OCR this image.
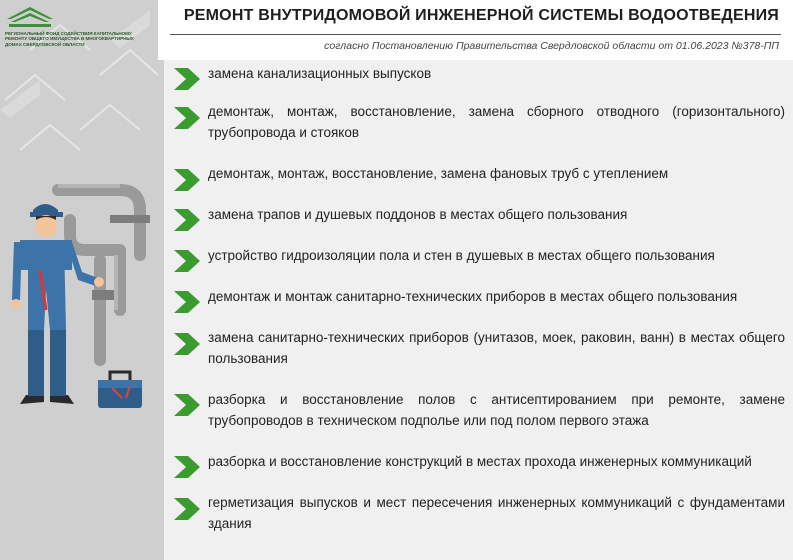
РЕГИОНАЛЬНЫЙ ФОНД СОДЕЙСТВИЯ КАПИТАЛЬНОМУ РЕМОНТУ ОБЩЕГО ИМУЩЕСТВА В МНОГОКВАРТИРНЫХ ДОМАХ СВЕРДЛОВСКОЙ ОБЛАСТИ
РЕМОНТ ВНУТРИДОМОВОЙ ИНЖЕНЕРНОЙ СИСТЕМЫ ВОДООТВЕДЕНИЯ
согласно Постановлению Правительства Свердловской области от 01.06.2023 №378-ПП
замена канализационных выпусков
демонтаж, монтаж, восстановление, замена сборного отводного (горизонтального) трубопровода и стояков
демонтаж, монтаж, восстановление, замена фановых труб с утеплением
замена трапов и душевых поддонов в местах общего пользования
устройство гидроизоляции пола и стен в душевых в местах общего пользования
демонтаж и монтаж санитарно-технических приборов в местах общего пользования
замена санитарно-технических приборов (унитазов, моек, раковин, ванн) в местах общего пользования
разборка и восстановление полов с антисептированием при ремонте, замене трубопроводов в техническом подполье или под полом первого этажа
разборка и восстановление конструкций в местах прохода инженерных коммуникаций
герметизация выпусков и мест пересечения инженерных коммуникаций с фундаментами здания
